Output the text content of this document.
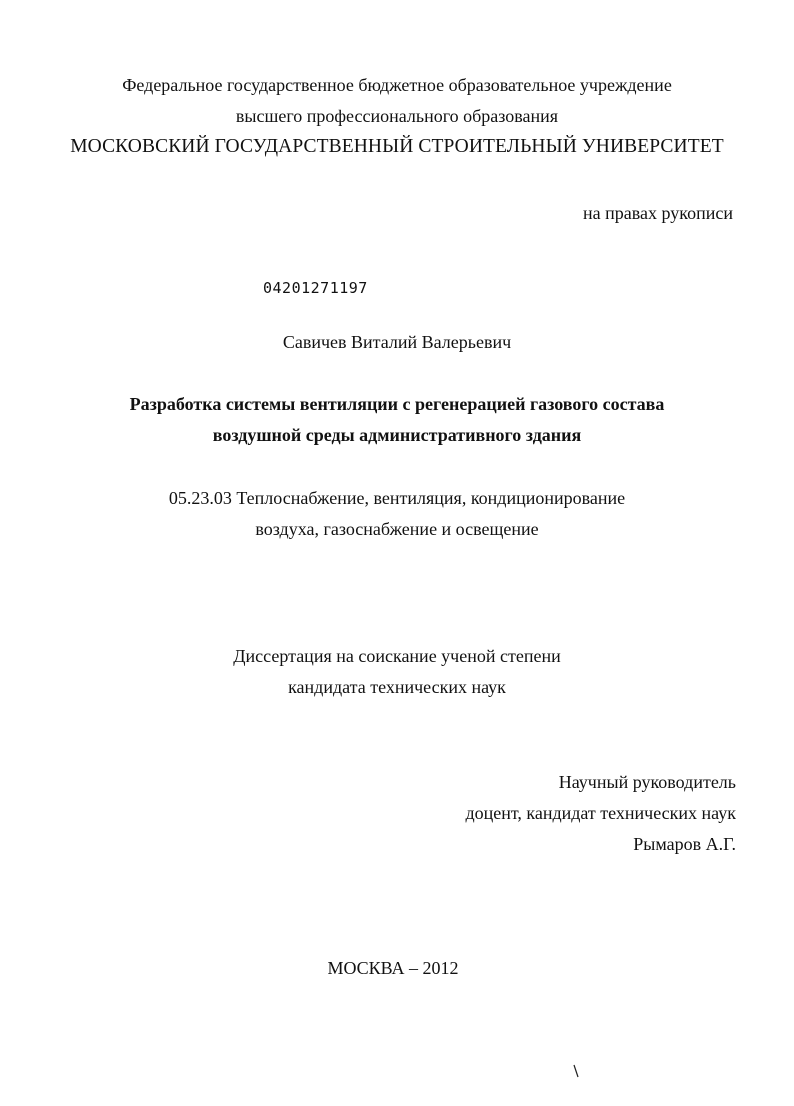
Федеральное государственное бюджетное образовательное учреждение
высшего профессионального образования
МОСКОВСКИЙ ГОСУДАРСТВЕННЫЙ СТРОИТЕЛЬНЫЙ УНИВЕРСИТЕТ
на правах рукописи
04201271197
Савичев Виталий Валерьевич
Разработка системы вентиляции с регенерацией газового состава
воздушной среды административного здания
05.23.03 Теплоснабжение, вентиляция, кондиционирование
воздуха, газоснабжение и освещение
Диссертация на соискание ученой степени
кандидата технических наук
Научный руководитель
доцент, кандидат технических наук
Рымаров А.Г.
МОСКВА – 2012
